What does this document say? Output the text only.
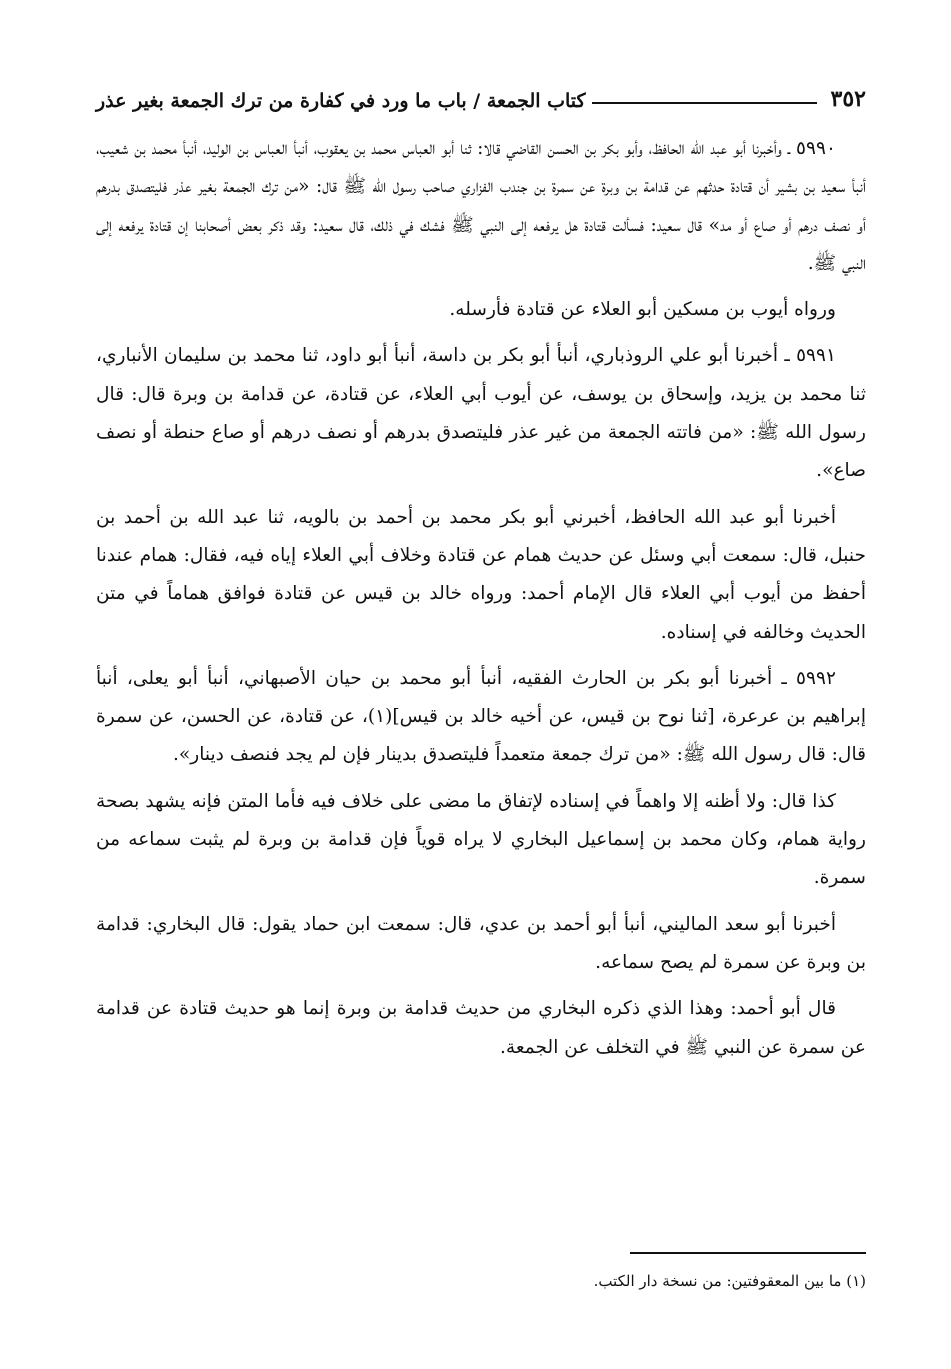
٣٥٢
كتاب الجمعة / باب ما ورد في كفارة من ترك الجمعة بغير عذر

٥٩٩٠ ـ وأخبرنا أبو عبد الله الحافظ، وأبو بكر بن الحسن القاضي قالا: ثنا أبو العباس محمد بن يعقوب، أنبأ العباس بن الوليد، أنبأ محمد بن شعيب، أنبأ سعيد بن بشير أن قتادة حدثهم عن قدامة بن وبرة عن سمرة بن جندب الفزاري صاحب رسول الله ﷺ قال: «من ترك الجمعة بغير عذر فليتصدق بدرهم أو نصف درهم أو صاع أو مد» قال سعيد: فسألت قتادة هل يرفعه إلى النبي ﷺ فشك في ذلك، قال سعيد: وقد ذكر بعض أصحابنا إن قتادة يرفعه إلى النبي ﷺ.

ورواه أيوب بن مسكين أبو العلاء عن قتادة فأرسله.

٥٩٩١ ـ أخبرنا أبو علي الروذباري، أنبأ أبو بكر بن داسة، أنبأ أبو داود، ثنا محمد بن سليمان الأنباري، ثنا محمد بن يزيد، وإسحاق بن يوسف، عن أيوب أبي العلاء، عن قتادة، عن قدامة بن وبرة قال: قال رسول الله ﷺ: «من فاتته الجمعة من غير عذر فليتصدق بدرهم أو نصف درهم أو صاع حنطة أو نصف صاع».

أخبرنا أبو عبد الله الحافظ، أخبرني أبو بكر محمد بن أحمد بن بالويه، ثنا عبد الله بن أحمد بن حنبل، قال: سمعت أبي وسئل عن حديث همام عن قتادة وخلاف أبي العلاء إياه فيه، فقال: همام عندنا أحفظ من أيوب أبي العلاء قال الإمام أحمد: ورواه خالد بن قيس عن قتادة فوافق هماماً في متن الحديث وخالفه في إسناده.

٥٩٩٢ ـ أخبرنا أبو بكر بن الحارث الفقيه، أنبأ أبو محمد بن حيان الأصبهاني، أنبأ أبو يعلى، أنبأ إبراهيم بن عرعرة، [ثنا نوح بن قيس، عن أخيه خالد بن قيس](١)، عن قتادة، عن الحسن، عن سمرة قال: قال رسول الله ﷺ: «من ترك جمعة متعمداً فليتصدق بدينار فإن لم يجد فنصف دينار».

كذا قال: ولا أظنه إلا واهماً في إسناده لإتفاق ما مضى على خلاف فيه فأما المتن فإنه يشهد بصحة رواية همام، وكان محمد بن إسماعيل البخاري لا يراه قوياً فإن قدامة بن وبرة لم يثبت سماعه من سمرة.

أخبرنا أبو سعد الماليني، أنبأ أبو أحمد بن عدي، قال: سمعت ابن حماد يقول: قال البخاري: قدامة بن وبرة عن سمرة لم يصح سماعه.

قال أبو أحمد: وهذا الذي ذكره البخاري من حديث قدامة بن وبرة إنما هو حديث قتادة عن قدامة عن سمرة عن النبي ﷺ في التخلف عن الجمعة.

(١) ما بين المعقوفتين: من نسخة دار الكتب.
